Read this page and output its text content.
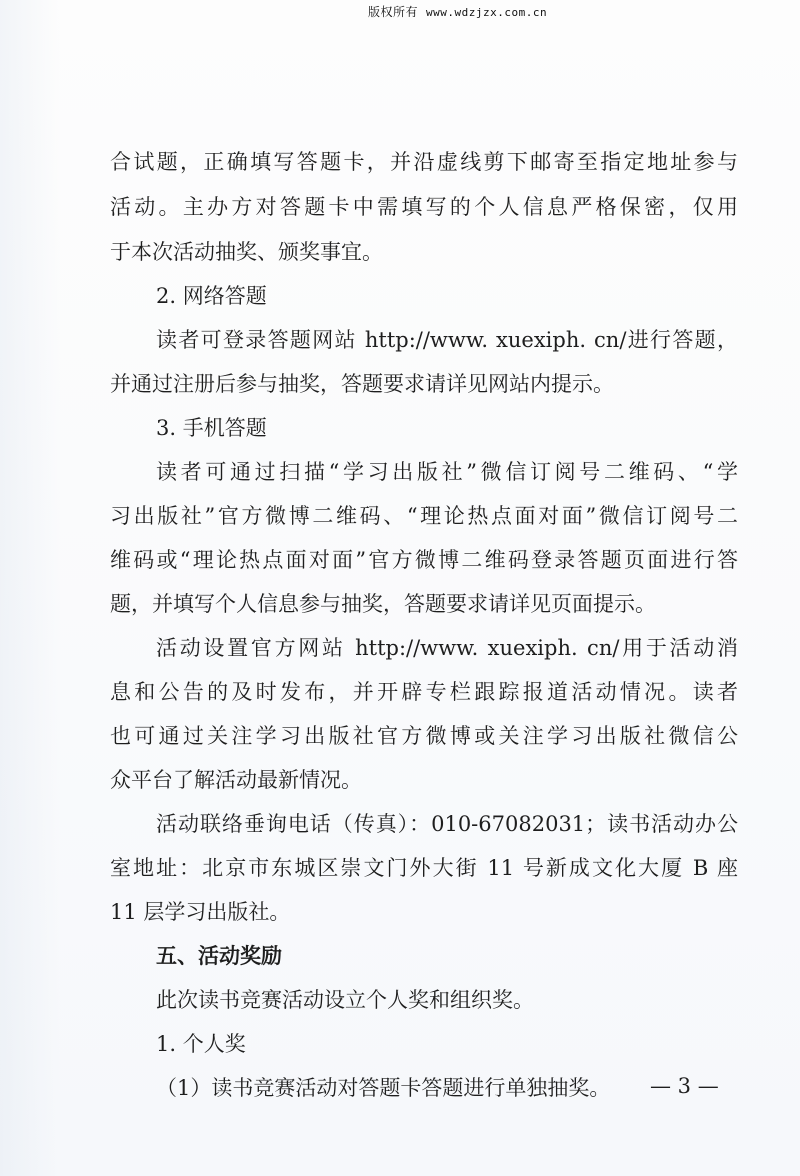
版权所有 www.wdzjzx.com.cn
合试题，正确填写答题卡，并沿虚线剪下邮寄至指定地址参与
活动。主办方对答题卡中需填写的个人信息严格保密，仅用
于本次活动抽奖、颁奖事宜。
2. 网络答题
读者可登录答题网站 http://www. xuexiph. cn/进行答题，
并通过注册后参与抽奖，答题要求请详见网站内提示。
3. 手机答题
读者可通过扫描“学习出版社”微信订阅号二维码、“学
习出版社”官方微博二维码、“理论热点面对面”微信订阅号二
维码或“理论热点面对面”官方微博二维码登录答题页面进行答
题，并填写个人信息参与抽奖，答题要求请详见页面提示。
活动设置官方网站 http://www. xuexiph. cn/用于活动消
息和公告的及时发布，并开辟专栏跟踪报道活动情况。读者
也可通过关注学习出版社官方微博或关注学习出版社微信公
众平台了解活动最新情况。
活动联络垂询电话（传真）：010-67082031；读书活动办公
室地址：北京市东城区崇文门外大街 11 号新成文化大厦 B 座
11 层学习出版社。
五、活动奖励
此次读书竞赛活动设立个人奖和组织奖。
1. 个人奖
（1）读书竞赛活动对答题卡答题进行单独抽奖。	— 3 —
